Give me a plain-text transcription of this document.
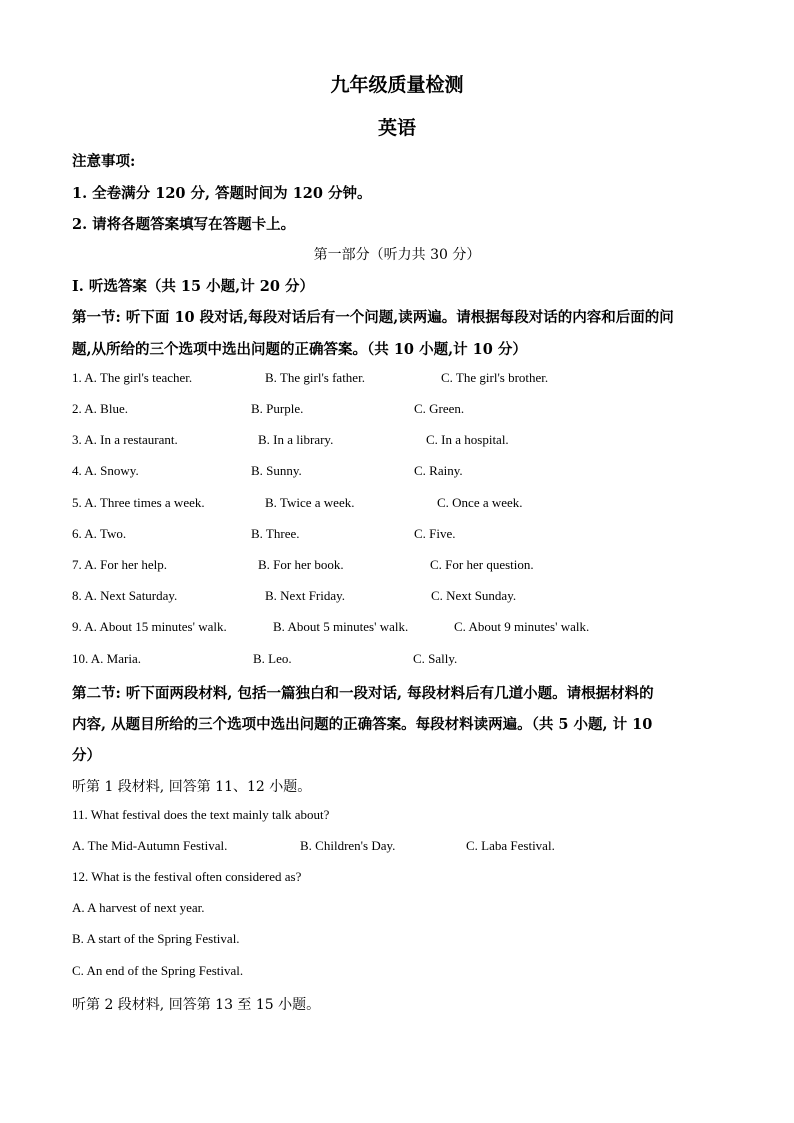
九年级质量检测
英语
注意事项:
1. 全卷满分 120 分, 答题时间为 120 分钟。
2. 请将各题答案填写在答题卡上。
第一部分（听力共 30 分）
I. 听选答案（共 15 小题,计 20 分）
第一节: 听下面 10 段对话,每段对话后有一个问题,读两遍。请根据每段对话的内容和后面的问
题,从所给的三个选项中选出问题的正确答案。（共 10 小题,计 10 分）
1. A. The girl's teacher.	B. The girl's father.	C. The girl's brother.
2. A. Blue.	B. Purple.	C. Green.
3. A. In a restaurant.	B. In a library.	C. In a hospital.
4. A. Snowy.	B. Sunny.	C. Rainy.
5. A. Three times a week.	B. Twice a week.	C. Once a week.
6. A. Two.	B. Three.	C. Five.
7. A. For her help.	B. For her book.	C. For her question.
8. A. Next Saturday.	B. Next Friday.	C. Next Sunday.
9. A. About 15 minutes' walk.	B. About 5 minutes' walk.	C. About 9 minutes' walk.
10. A. Maria.	B. Leo.	C. Sally.
第二节: 听下面两段材料, 包括一篇独白和一段对话, 每段材料后有几道小题。请根据材料的
内容, 从题目所给的三个选项中选出问题的正确答案。每段材料读两遍。（共 5 小题, 计 10
分）
听第 1 段材料, 回答第 11、12 小题。
11. What festival does the text mainly talk about?
A. The Mid-Autumn Festival.	B. Children's Day.	C. Laba Festival.
12. What is the festival often considered as?
A. A harvest of next year.
B. A start of the Spring Festival.
C. An end of the Spring Festival.
听第 2 段材料, 回答第 13 至 15 小题。
